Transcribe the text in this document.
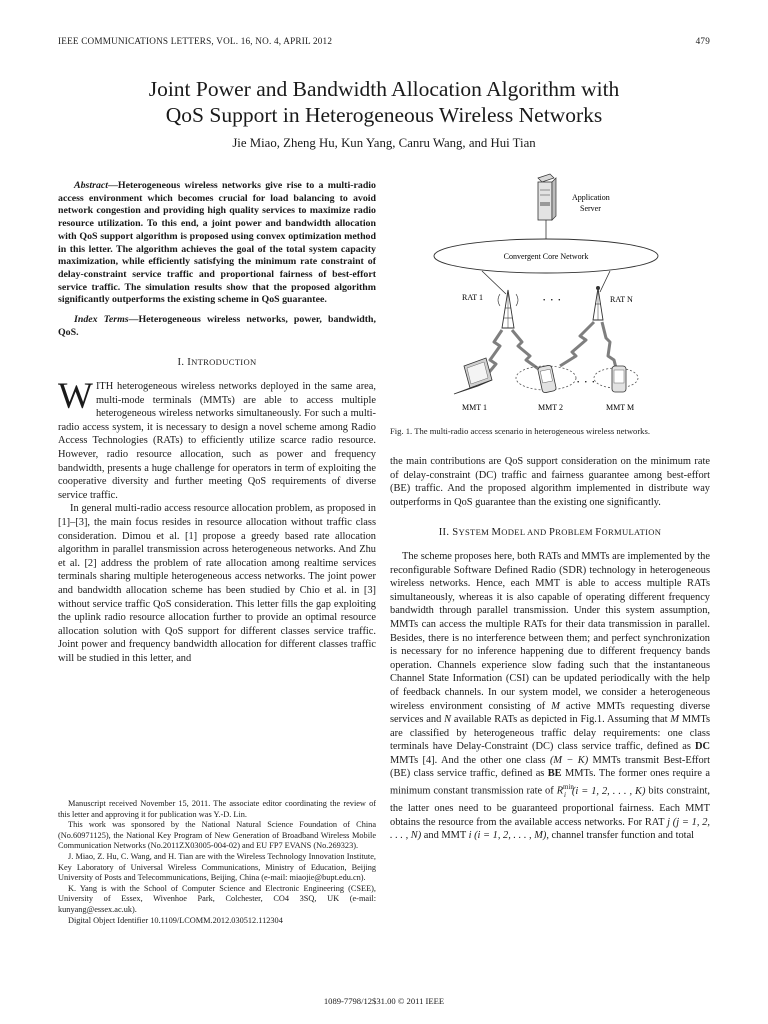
IEEE COMMUNICATIONS LETTERS, VOL. 16, NO. 4, APRIL 2012	479
Joint Power and Bandwidth Allocation Algorithm with
QoS Support in Heterogeneous Wireless Networks
Jie Miao, Zheng Hu, Kun Yang, Canru Wang, and Hui Tian

Abstract—Heterogeneous wireless networks give rise to a multi-radio access environment which becomes crucial for load balancing to avoid network congestion and providing high quality services to maximize radio resource utilization. To this end, a joint power and bandwidth allocation with QoS support algorithm is proposed using convex optimization method in this letter. The algorithm achieves the goal of the total system capacity maximization, while efficiently satisfying the minimum rate constraint of delay-constraint service traffic and proportional fairness of best-effort service traffic. The simulation results show that the proposed algorithm significantly outperforms the existing scheme in QoS guarantee.

Index Terms—Heterogeneous wireless networks, power, bandwidth, QoS.

I. INTRODUCTION

WITH heterogeneous wireless networks deployed in the same area, multi-mode terminals (MMTs) are able to access multiple heterogeneous wireless networks simultaneously. For such a multi-radio access system, it is necessary to design a novel scheme among Radio Access Technologies (RATs) to efficiently utilize scarce radio resource. However, radio resource allocation, such as power and frequency bandwidth, presents a huge challenge for operators in term of exploiting the cooperative diversity and further meeting QoS requirements of diverse service traffic.

In general multi-radio access resource allocation problem, as proposed in [1]–[3], the main focus resides in resource allocation without traffic class consideration. Dimou et al. [1] propose a greedy based rate allocation algorithm in parallel transmission across heterogeneous networks. And Zhu et al. [2] address the problem of rate allocation among realtime services terminals sharing multiple heterogeneous access networks. The joint power and bandwidth allocation scheme has been studied by Chio et al. in [3] without service traffic QoS consideration. This letter fills the gap exploiting the uplink radio resource allocation further to provide an optimal resource allocation solution with QoS support for different classes service traffic. Joint power and frequency bandwidth allocation for different classes traffic will be studied in this letter, and

Manuscript received November 15, 2011. The associate editor coordinating the review of this letter and approving it for publication was Y.-D. Lin.

This work was sponsored by the National Natural Science Foundation of China (No.60971125), the National Key Program of New Generation of Broadband Wireless Mobile Communication Networks (No.2011ZX03005-004-02) and EU FP7 EVANS (No.269323).

J. Miao, Z. Hu, C. Wang, and H. Tian are with the Wireless Technology Innovation Institute, Key Laboratory of Universal Wireless Communications, Ministry of Education, Beijing University of Posts and Telecommunications, Beijing, China (e-mail: miaojie@bupt.edu.cn).

K. Yang is with the School of Computer Science and Electronic Engineering (CSEE), University of Essex, Wivenhoe Park, Colchester, CO4 3SQ, UK (e-mail: kunyang@essex.ac.uk).

Digital Object Identifier 10.1109/LCOMM.2012.030512.112304

Application
Server
Convergent Core Network
RAT 1	· · ·	RAT N
MMT 1	MMT 2
· · ·
MMT M
Fig. 1. The multi-radio access scenario in heterogeneous wireless networks.

the main contributions are QoS support consideration on the minimum rate of delay-constraint (DC) traffic and fairness guarantee among best-effort (BE) traffic. And the proposed algorithm implemented in distribute way outperforms in QoS guarantee than the existing one significantly.

II. SYSTEM MODEL AND PROBLEM FORMULATION

The scheme proposes here, both RATs and MMTs are implemented by the reconfigurable Software Defined Radio (SDR) technology in heterogeneous wireless networks. Hence, each MMT is able to access multiple RATs simultaneously, whereas it is also capable of operating different frequency bandwidth through parallel transmission. Under this system assumption, MMTs can access the multiple RATs for their data transmission in parallel. Besides, there is no interference between them; and perfect synchronization is necessary for no inference happening due to different frequency bands operation. Channels experience slow fading such that the instantaneous Channel State Information (CSI) can be updated periodically with the help of feedback channels. In our system model, we consider a heterogeneous wireless environment consisting of M active MMTs requesting diverse services and N available RATs as depicted in Fig.1. Assuming that M MMTs are classified by heterogeneous traffic delay requirements: one class terminals have Delay-Constraint (DC) class service traffic, defined as DC MMTs [4]. And the other one class (M − K) MMTs transmit Best-Effort (BE) class service traffic, defined as BE MMTs. The former ones require a minimum constant transmission rate of $R^{min}_i$ (i = 1, 2, . . . , K) bits constraint, the latter ones need to be guaranteed proportional fairness. Each MMT obtains the resource from the available access networks. For RAT j (j = 1, 2, . . . , N) and MMT i (i = 1, 2, . . . , M), channel transfer function and total

1089-7798/12$31.00 © 2011 IEEE
